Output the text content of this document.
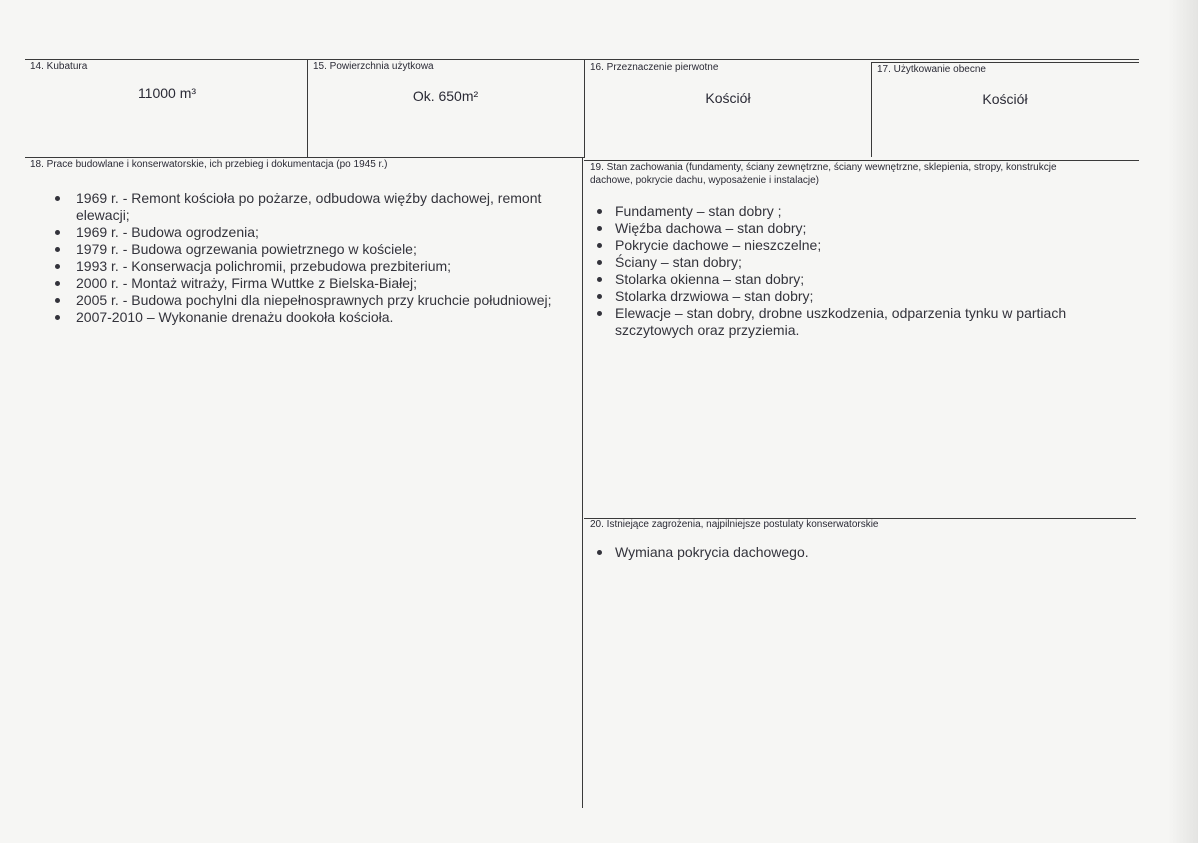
14. Kubatura
11000 m³
15. Powierzchnia użytkowa
Ok. 650m²
16. Przeznaczenie pierwotne
Kościół
17. Użytkowanie obecne
Kościół
18. Prace budowlane i konserwatorskie, ich przebieg i dokumentacja (po 1945 r.)
1969 r. - Remont kościoła po pożarze, odbudowa więźby dachowej, remont elewacji;
1969 r. - Budowa ogrodzenia;
1979 r. - Budowa ogrzewania powietrznego w kościele;
1993 r. - Konserwacja polichromii, przebudowa prezbiterium;
2000 r. - Montaż witraży, Firma Wuttke z Bielska-Białej;
2005 r. - Budowa pochylni dla niepełnosprawnych przy kruchcie południowej;
2007-2010 – Wykonanie drenażu dookoła kościoła.
19. Stan zachowania (fundamenty, ściany zewnętrzne, ściany wewnętrzne, sklepienia, stropy, konstrukcje dachowe, pokrycie dachu, wyposażenie i instalacje)
Fundamenty – stan dobry ;
Więźba dachowa – stan dobry;
Pokrycie dachowe – nieszczelne;
Ściany – stan dobry;
Stolarka okienna – stan dobry;
Stolarka drzwiowa – stan dobry;
Elewacje – stan dobry, drobne uszkodzenia, odparzenia tynku w partiach szczytowych oraz przyziemia.
20. Istniejące zagrożenia, najpilniejsze postulaty konserwatorskie
Wymiana pokrycia dachowego.
